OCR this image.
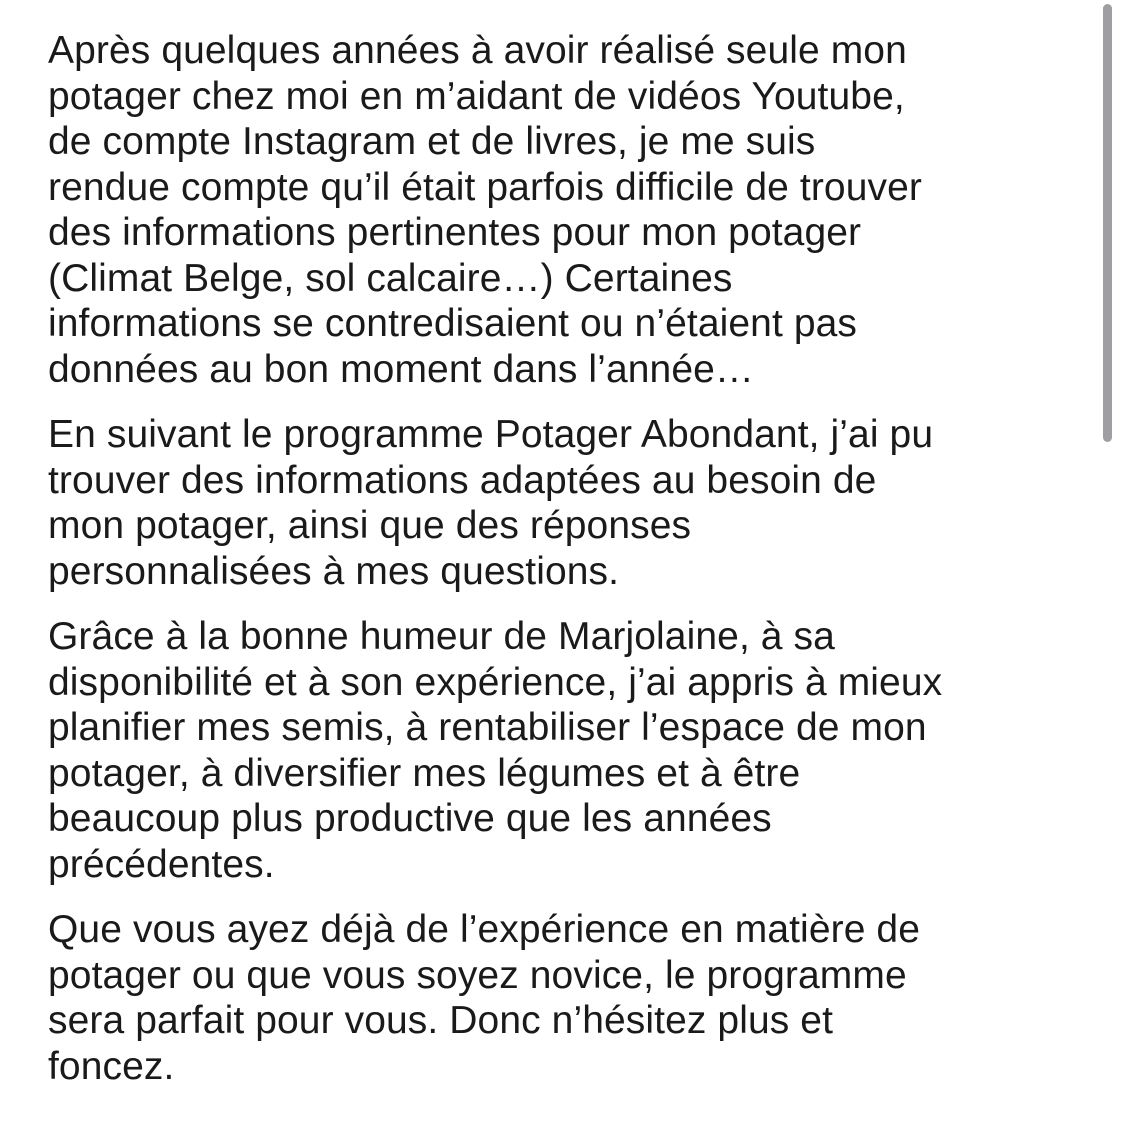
Après quelques années à avoir réalisé seule mon
potager chez moi en m’aidant de vidéos Youtube,
de compte Instagram et de livres, je me suis
rendue compte qu’il était parfois difficile de trouver
des informations pertinentes pour mon potager
(Climat Belge, sol calcaire…) Certaines
informations se contredisaient ou n’étaient pas
données au bon moment dans l’année…

En suivant le programme Potager Abondant, j’ai pu
trouver des informations adaptées au besoin de
mon potager, ainsi que des réponses
personnalisées à mes questions.

Grâce à la bonne humeur de Marjolaine, à sa
disponibilité et à son expérience, j’ai appris à mieux
planifier mes semis, à rentabiliser l’espace de mon
potager, à diversifier mes légumes et à être
beaucoup plus productive que les années
précédentes.

Que vous ayez déjà de l’expérience en matière de
potager ou que vous soyez novice, le programme
sera parfait pour vous. Donc n’hésitez plus et
foncez.
